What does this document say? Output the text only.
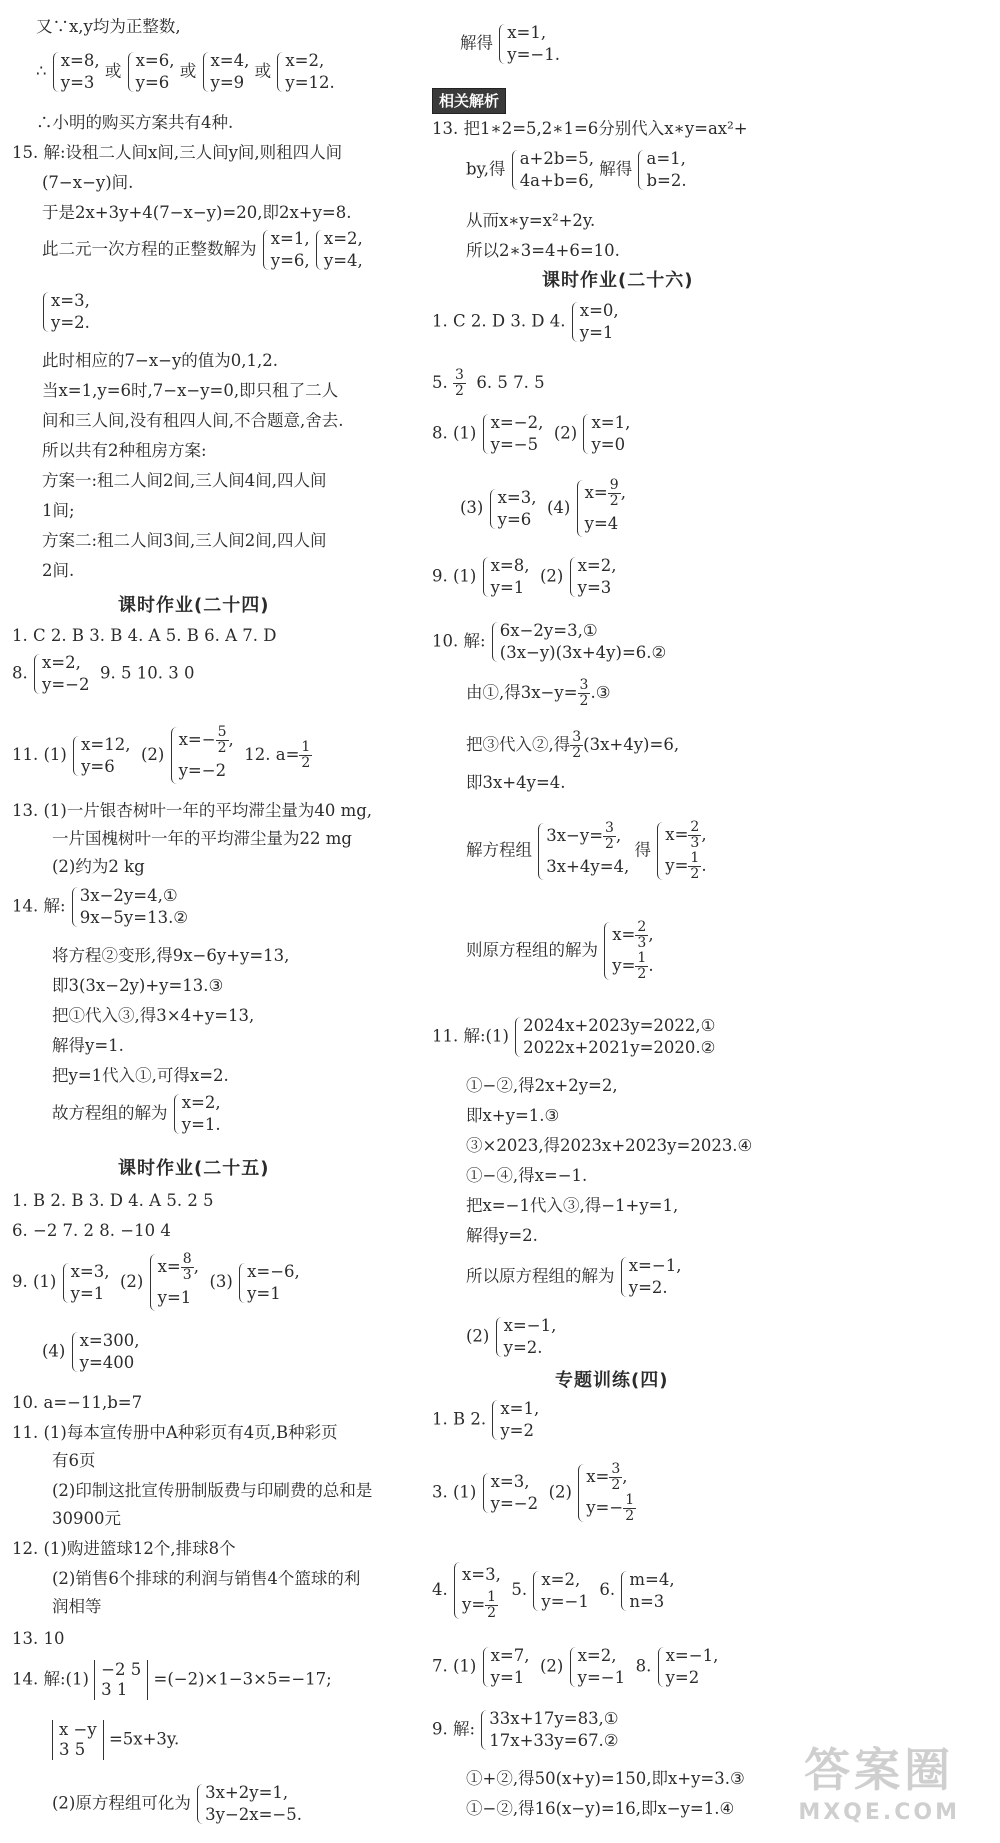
又∵x,y均为正整数,
∴
x=8,
y=3
或
x=6,
y=6
或
x=4,
y=9
或
x=2,
y=12.
∴小明的购买方案共有4种.
15. 解:设租二人间x间,三人间y间,则租四人间
(7−x−y)间.
于是2x+3y+4(7−x−y)=20,即2x+y=8.
此二元一次方程的正整数解为
x=1,
y=6,

x=2,
y=4,
x=3,
y=2.
此时相应的7−x−y的值为0,1,2.
当x=1,y=6时,7−x−y=0,即只租了二人
间和三人间,没有租四人间,不合题意,舍去.
所以共有2种租房方案:
方案一:租二人间2间,三人间4间,四人间
1间;
方案二:租二人间3间,三人间2间,四人间
2间.
课时作业(二十四)
1. C 2. B 3. B 4. A 5. B 6. A 7. D
8.
x=2,
y=−2
9. 5 10. 3 0
11. (1)
x=12,
y=6
(2)
$x=- \frac{5}{2}$ ,
y=−2
12. $a= \frac{1}{2}$
13. (1)一片银杏树叶一年的平均滞尘量为40 mg,
一片国槐树叶一年的平均滞尘量为22 mg
(2)约为2 kg
14. 解:
3x−2y=4,①
9x−5y=13.②
将方程②变形,得9x−6y+y=13,
即3(3x−2y)+y=13.③
把①代入③,得3×4+y=13,
解得y=1.
把y=1代入①,可得x=2.
故方程组的解为
x=2,
y=1.
课时作业(二十五)
1. B 2. B 3. D 4. A 5. 2 5
6. −2 7. 2 8. −10 4
9. (1)
x=3,
y=1
(2)
$x= \frac{8}{3}$ ,
y=1
(3)
x=−6,
y=1
(4)
x=300,
y=400
10. a=−11,b=7
11. (1)每本宣传册中A种彩页有4页,B种彩页
有6页
(2)印制这批宣传册制版费与印刷费的总和是
30900元
12. (1)购进篮球12个,排球8个
(2)销售6个排球的利润与销售4个篮球的利
润相等
13. 10
14. 解:(1) −2 5
3 1
=(−2)×1−3×5=−17;
x −y
3 5
=5x+3y.
(2)原方程组可化为
3x+2y=1,
3y−2x=−5.
解得
x=1,
y=−1.
相关解析
13. 把1∗2=5,2∗1=6分别代入x∗y=ax²+
by,得
a+2b=5,
4a+b=6,
解得
a=1,
b=2.
从而x∗y=x²+2y.
所以2∗3=4+6=10.
课时作业(二十六)
1. C 2. D 3. D 4.
x=0,
y=1
5. $\frac{3}{2} 6$. 5 7. 5
8. (1)
x=−2,
y=−5
(2)
x=1,
y=0
(3)
x=3,
y=6
(4)
$x= \frac{9}{2}$ ,
y=4
9. (1)
x=8,
y=1
(2)
x=2,
y=3
10. 解:
6x−2y=3,①
(3x−y)(3x+4y)=6.②
由①,得$3x-y= \frac{3}{2}$ .③
把③代入②,得 $\frac{3}{2} (3x+4y)=6$,
即3x+4y=4.
解方程组
$3x-y= \frac{3}{2}$ ,
3x+4y=4,
得
$x= \frac{2}{3}$ ,
$y= \frac{1}{2}$ .
则原方程组的解为
$x= \frac{2}{3}$ ,
$y= \frac{1}{2}$ .
11. 解:(1)
2024x+2023y=2022,①
2022x+2021y=2020.②
①−②,得2x+2y=2,
即x+y=1.③
③×2023,得2023x+2023y=2023.④
①−④,得x=−1.
把x=−1代入③,得−1+y=1,
解得y=2.
所以原方程组的解为
x=−1,
y=2.
(2)
x=−1,
y=2.
专题训练(四)
1. B 2.
x=1,
y=2
3. (1)
x=3,
y=−2
(2)
$x= \frac{3}{2}$ ,
$y=- \frac{1}{2}$
4.
x=3,
$y= \frac{1}{2}$
5.
x=2,
y=−1
6.
m=4,
n=3
7. (1)
x=7,
y=1
(2)
x=2,
y=−1
8.
x=−1,
y=2
9. 解:
33x+17y=83,①
17x+33y=67.②
①+②,得50(x+y)=150,即x+y=3.③
①−②,得16(x−y)=16,即x−y=1.④
答案圈
MXQE.COM
